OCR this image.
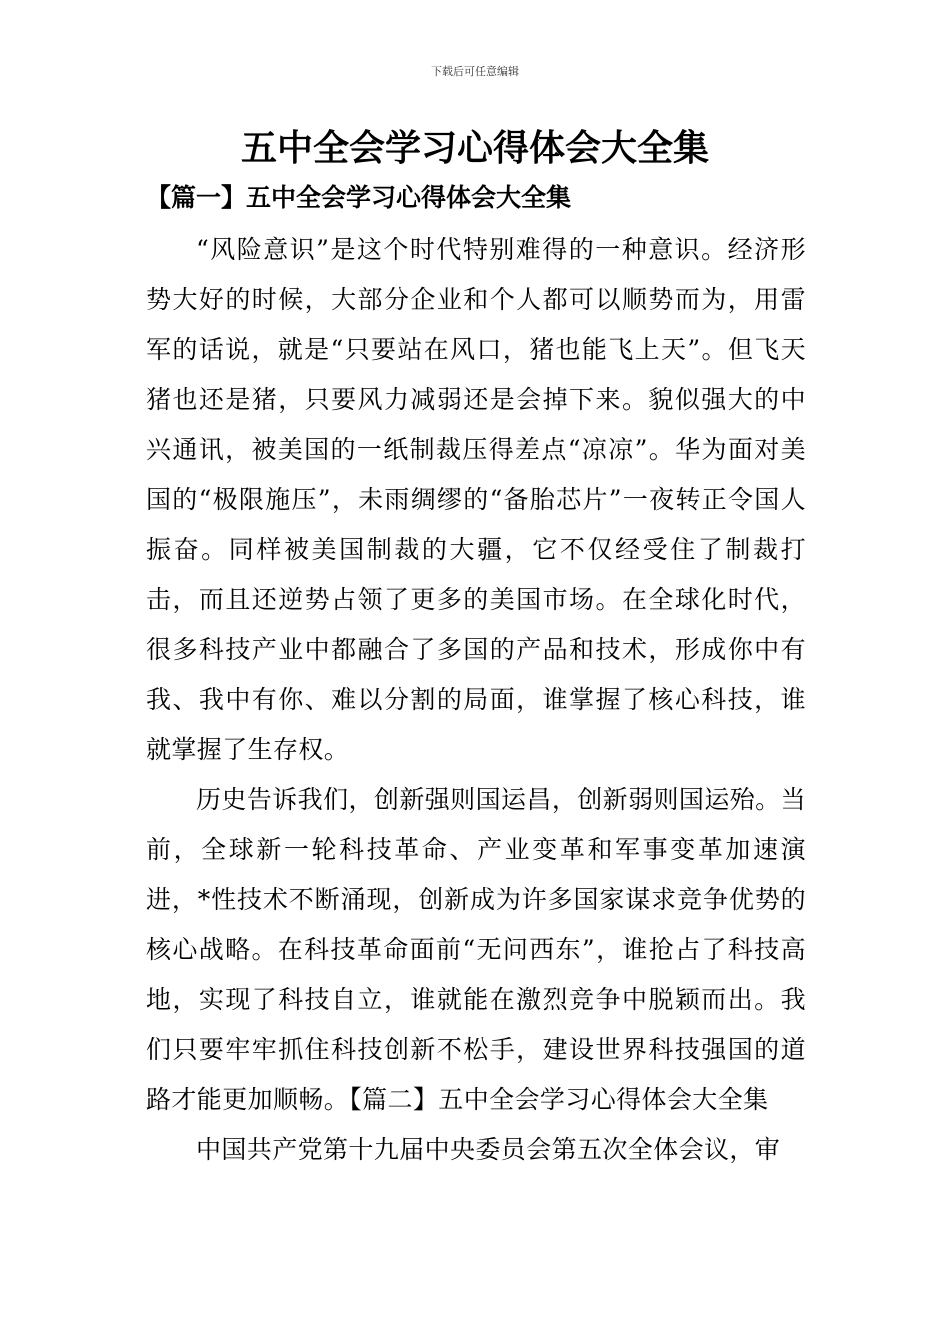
下载后可任意编辑
五中全会学习心得体会大全集
【篇一】五中全会学习心得体会大全集

“风险意识”是这个时代特别难得的一种意识。经济形势大好的时候，大部分企业和个人都可以顺势而为，用雷军的话说，就是“只要站在风口，猪也能飞上天”。但飞天猪也还是猪，只要风力减弱还是会掉下来。貌似强大的中兴通讯，被美国的一纸制裁压得差点“凉凉”。华为面对美国的“极限施压”，未雨绸缪的“备胎芯片”一夜转正令国人振奋。同样被美国制裁的大疆，它不仅经受住了制裁打击，而且还逆势占领了更多的美国市场。在全球化时代，很多科技产业中都融合了多国的产品和技术，形成你中有我、我中有你、难以分割的局面，谁掌握了核心科技，谁就掌握了生存权。

历史告诉我们，创新强则国运昌，创新弱则国运殆。当前，全球新一轮科技革命、产业变革和军事变革加速演进，*性技术不断涌现，创新成为许多国家谋求竞争优势的核心战略。在科技革命面前“无问西东”，谁抢占了科技高地，实现了科技自立，谁就能在激烈竞争中脱颖而出。我们只要牢牢抓住科技创新不松手，建设世界科技强国的道路才能更加顺畅。【篇二】五中全会学习心得体会大全集

中国共产党第十九届中央委员会第五次全体会议，审
